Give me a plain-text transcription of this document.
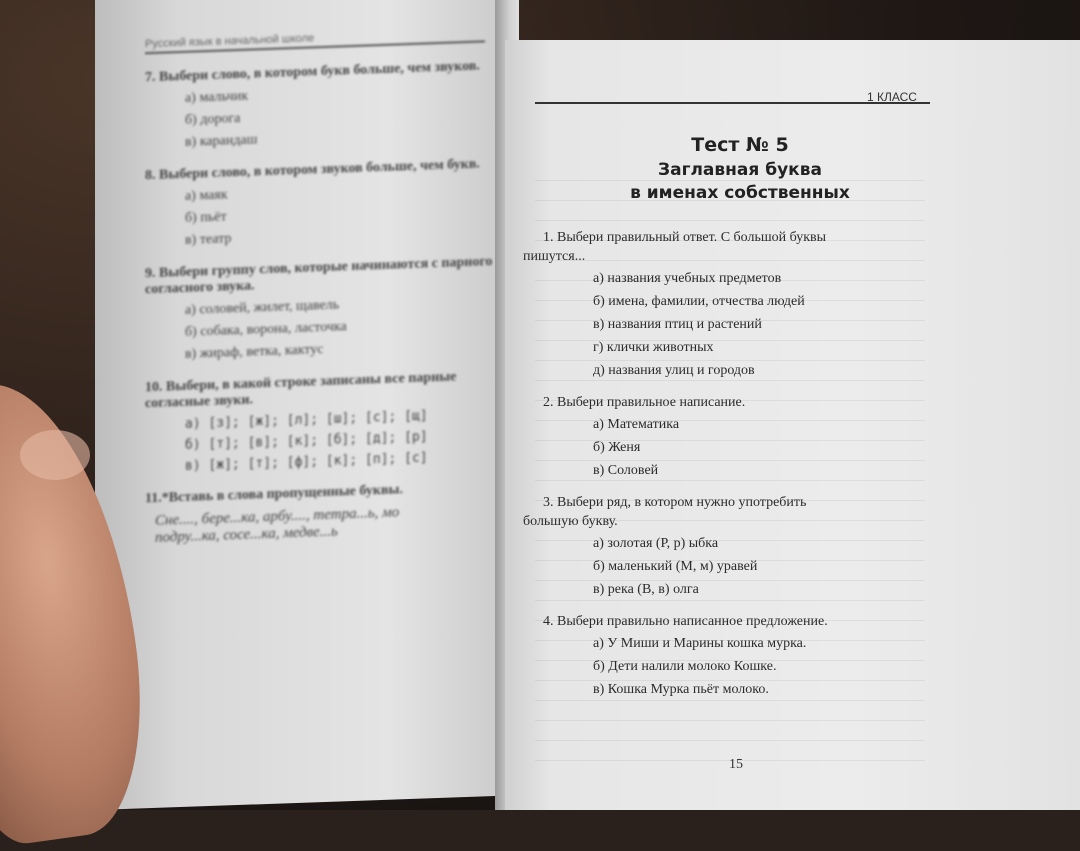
Русский язык в начальной школе
7. Выбери слово, в котором букв больше, чем звуков.
а) мальчик
б) дорога
в) карандаш
8. Выбери слово, в котором звуков больше, чем букв.
а) маяк
б) пьёт
в) театр
9. Выбери группу слов, которые начинаются с парного согласного звука.
а) соловей, жилет, щавель
б) собака, ворона, ласточка
в) жираф, ветка, кактус
10. Выбери, в какой строке записаны все парные согласные звуки.
а) [з]; [ж]; [л]; [ш]; [с]; [щ]
б) [т]; [в]; [к]; [б]; [д]; [р]
в) [ж]; [т]; [ф]; [к]; [п]; [с]
11.*Вставь в слова пропущенные буквы.
Сне...., бере...ка, арбу...., тетра...ь, мо
подру...ка, сосе...ка, медве...ь
1 КЛАСС
Тест № 5
Заглавная буква
в именах собственных
1. Выбери правильный ответ. С большой буквы
пишутся...
а) названия учебных предметов
б) имена, фамилии, отчества людей
в) названия птиц и растений
г) клички животных
д) названия улиц и городов
2. Выбери правильное написание.
а) Математика
б) Женя
в) Соловей
3. Выбери ряд, в котором нужно употребить
большую букву.
а) золотая (Р, р) ыбка
б) маленький (М, м) уравей
в) река (В, в) олга
4. Выбери правильно написанное предложение.
а) У Миши и Марины кошка мурка.
б) Дети налили молоко Кошке.
в) Кошка Мурка пьёт молоко.
15
